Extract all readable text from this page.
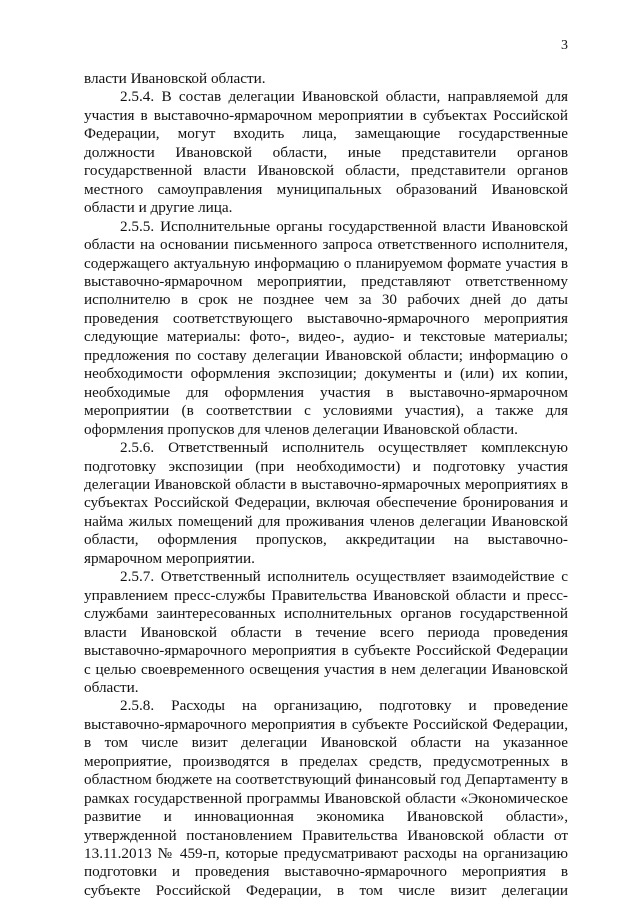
3
власти Ивановской области.
2.5.4. В состав делегации Ивановской области, направляемой для
участия в выставочно-ярмарочном мероприятии в субъектах Российской
Федерации, могут входить лица, замещающие государственные
должности Ивановской области, иные представители органов
государственной власти Ивановской области, представители органов
местного самоуправления муниципальных образований Ивановской
области и другие лица.
2.5.5. Исполнительные органы государственной власти Ивановской
области на основании письменного запроса ответственного исполнителя,
содержащего актуальную информацию о планируемом формате участия в
выставочно-ярмарочном мероприятии, представляют ответственному
исполнителю в срок не позднее чем за 30 рабочих дней до даты
проведения соответствующего выставочно-ярмарочного мероприятия
следующие материалы: фото-, видео-, аудио- и текстовые материалы;
предложения по составу делегации Ивановской области; информацию о
необходимости оформления экспозиции; документы и (или) их копии,
необходимые для оформления участия в выставочно-ярмарочном
мероприятии (в соответствии с условиями участия), а также для
оформления пропусков для членов делегации Ивановской области.
2.5.6. Ответственный исполнитель осуществляет комплексную
подготовку экспозиции (при необходимости) и подготовку участия
делегации Ивановской области в выставочно-ярмарочных мероприятиях в
субъектах Российской Федерации, включая обеспечение бронирования и
найма жилых помещений для проживания членов делегации Ивановской
области, оформления пропусков, аккредитации на выставочно-
ярмарочном мероприятии.
2.5.7. Ответственный исполнитель осуществляет взаимодействие с
управлением пресс-службы Правительства Ивановской области и пресс-
службами заинтересованных исполнительных органов государственной
власти Ивановской области в течение всего периода проведения
выставочно-ярмарочного мероприятия в субъекте Российской Федерации
с целью своевременного освещения участия в нем делегации Ивановской
области.
2.5.8. Расходы на организацию, подготовку и проведение
выставочно-ярмарочного мероприятия в субъекте Российской Федерации,
в том числе визит делегации Ивановской области на указанное
мероприятие, производятся в пределах средств, предусмотренных в
областном бюджете на соответствующий финансовый год Департаменту в
рамках государственной программы Ивановской области «Экономическое
развитие и инновационная экономика Ивановской области»,
утвержденной постановлением Правительства Ивановской области от
13.11.2013 № 459-п, которые предусматривают расходы на организацию
подготовки и проведения выставочно-ярмарочного мероприятия в
субъекте Российской Федерации, в том числе визит делегации
